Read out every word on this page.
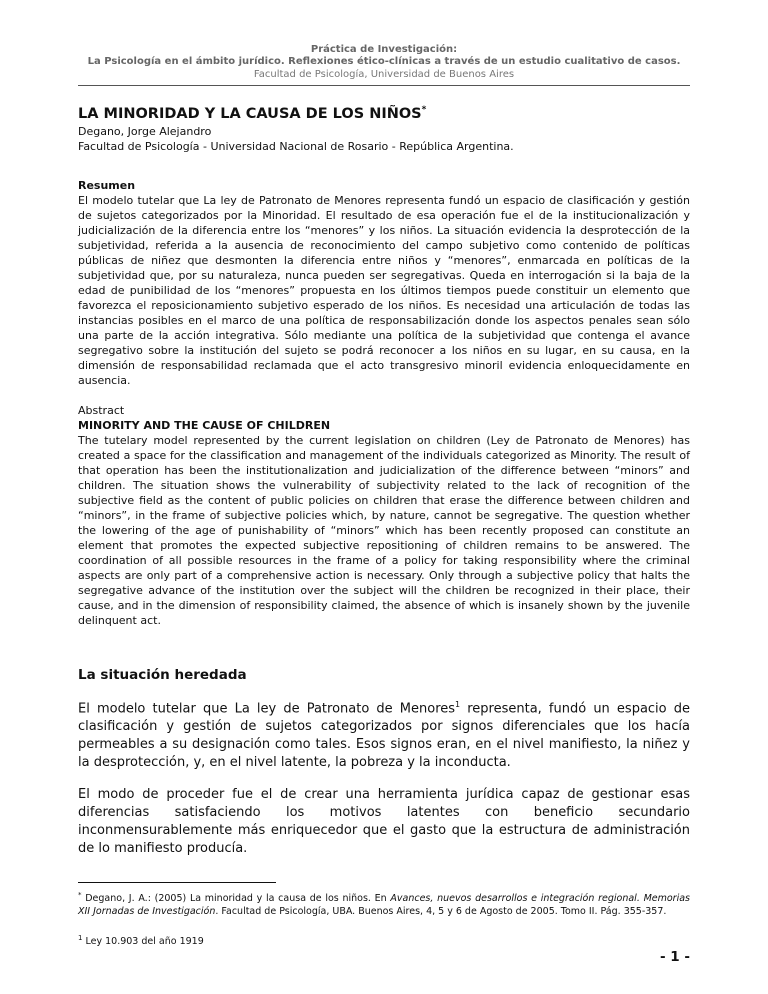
Práctica de Investigación:
La Psicología en el ámbito jurídico. Reflexiones ético-clínicas a través de un estudio cualitativo de casos.
Facultad de Psicología, Universidad de Buenos Aires
LA MINORIDAD Y LA CAUSA DE LOS NIÑOS*
Degano, Jorge Alejandro
Facultad de Psicología - Universidad Nacional de Rosario - República Argentina.
Resumen

El modelo tutelar que La ley de Patronato de Menores representa fundó un espacio de clasificación y gestión de sujetos categorizados por la Minoridad. El resultado de esa operación fue el de la institucionalización y judicialización de la diferencia entre los “menores” y los niños. La situación evidencia la desprotección de la subjetividad, referida a la ausencia de reconocimiento del campo subjetivo como contenido de políticas públicas de niñez que desmonten la diferencia entre niños y “menores”, enmarcada en políticas de la subjetividad que, por su naturaleza, nunca pueden ser segregativas. Queda en interrogación si la baja de la edad de punibilidad de los “menores” propuesta en los últimos tiempos puede constituir un elemento que favorezca el reposicionamiento subjetivo esperado de los niños. Es necesidad una articulación de todas las instancias posibles en el marco de una política de responsabilización donde los aspectos penales sean sólo una parte de la acción integrativa. Sólo mediante una política de la subjetividad que contenga el avance segregativo sobre la institución del sujeto se podrá reconocer a los niños en su lugar, en su causa, en la dimensión de responsabilidad reclamada que el acto transgresivo minoril evidencia enloquecidamente en ausencia.

Abstract
MINORITY AND THE CAUSE OF CHILDREN

The tutelary model represented by the current legislation on children (Ley de Patronato de Menores) has created a space for the classification and management of the individuals categorized as Minority. The result of that operation has been the institutionalization and judicialization of the difference between “minors” and children. The situation shows the vulnerability of subjectivity related to the lack of recognition of the subjective field as the content of public policies on children that erase the difference between children and “minors”, in the frame of subjective policies which, by nature, cannot be segregative. The question whether the lowering of the age of punishability of “minors” which has been recently proposed can constitute an element that promotes the expected subjective repositioning of children remains to be answered. The coordination of all possible resources in the frame of a policy for taking responsibility where the criminal aspects are only part of a comprehensive action is necessary. Only through a subjective policy that halts the segregative advance of the institution over the subject will the children be recognized in their place, their cause, and in the dimension of responsibility claimed, the absence of which is insanely shown by the juvenile delinquent act.

La situación heredada

El modelo tutelar que La ley de Patronato de Menores$^1$ representa, fundó un espacio de clasificación y gestión de sujetos categorizados por signos diferenciales que los hacía permeables a su designación como tales. Esos signos eran, en el nivel manifiesto, la niñez y la desprotección, y, en el nivel latente, la pobreza y la inconducta.

El modo de proceder fue el de crear una herramienta jurídica capaz de gestionar esas diferencias satisfaciendo los motivos latentes con beneficio secundario inconmensurablemente más enriquecedor que el gasto que la estructura de administración de lo manifiesto producía.

* Degano, J. A.: (2005) La minoridad y la causa de los niños. En Avances, nuevos desarrollos e integración regional. Memorias XII Jornadas de Investigación. Facultad de Psicología, UBA. Buenos Aires, 4, 5 y 6 de Agosto de 2005. Tomo II. Pág. 355-357.

$^1$ Ley 10.903 del año 1919

- 1 -
